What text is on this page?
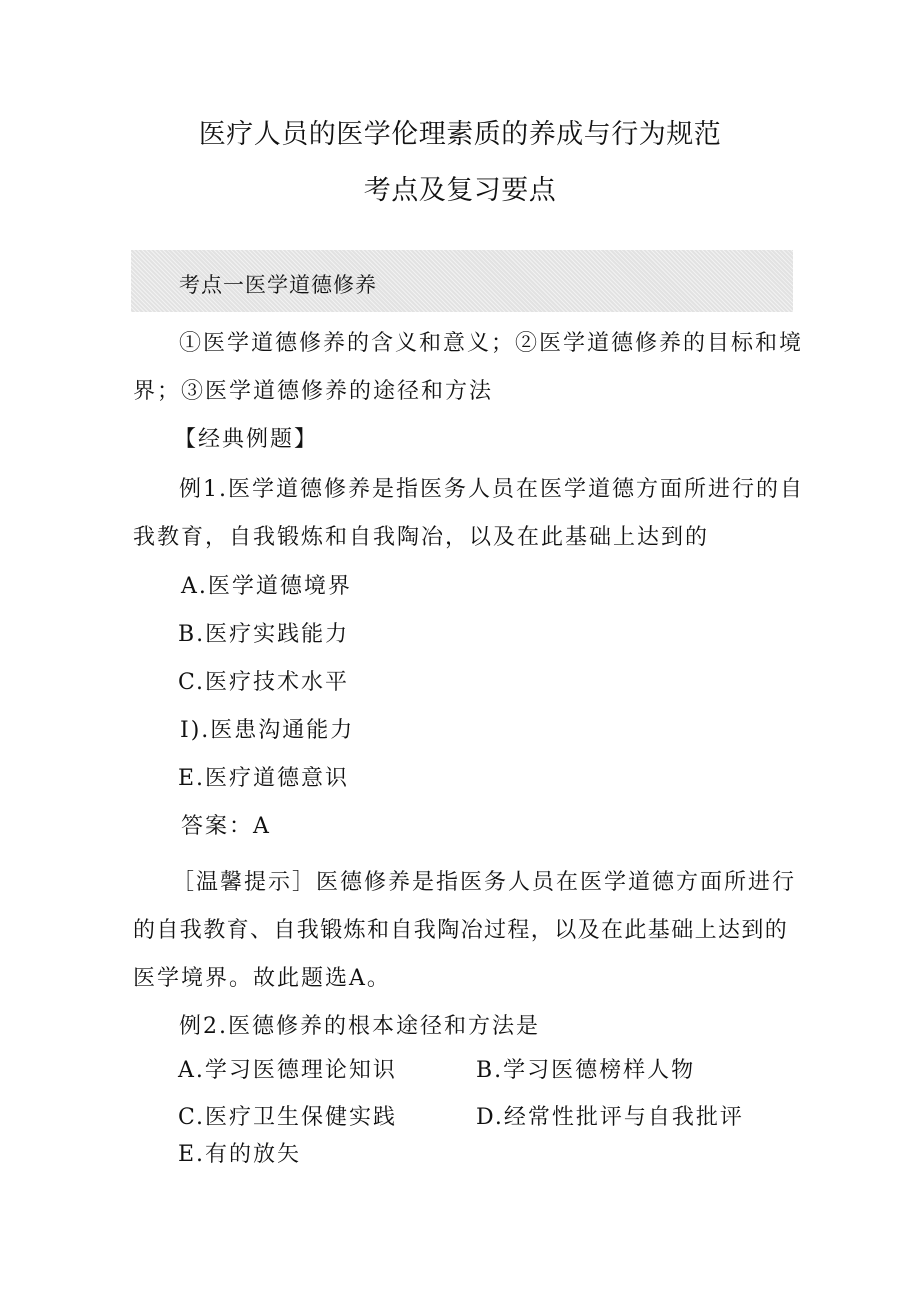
医疗人员的医学伦理素质的养成与行为规范
考点及复习要点
考点一医学道德修养
①医学道德修养的含义和意义；②医学道德修养的目标和境
界；③医学道德修养的途径和方法
【经典例题】
例1.医学道德修养是指医务人员在医学道德方面所进行的自
我教育，自我锻炼和自我陶冶，以及在此基础上达到的
A.医学道德境界
B.医疗实践能力
C.医疗技术水平
I).医患沟通能力
E.医疗道德意识
答案：A
［温馨提示］医德修养是指医务人员在医学道德方面所进行
的自我教育、自我锻炼和自我陶冶过程，以及在此基础上达到的
医学境界。故此题选A。
例2.医德修养的根本途径和方法是
A.学习医德理论知识	B.学习医德榜样人物
C.医疗卫生保健实践	D.经常性批评与自我批评
E.有的放矢
